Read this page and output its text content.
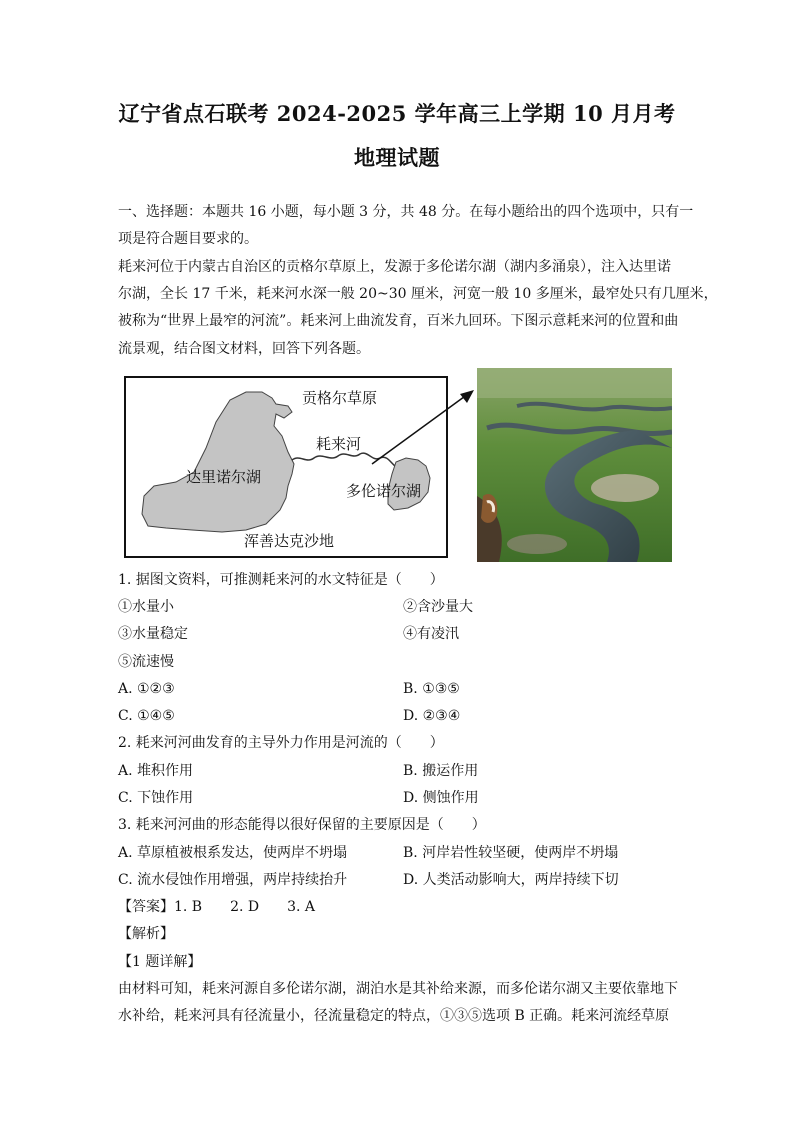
辽宁省点石联考 2024-2025 学年高三上学期 10 月月考
地理试题
一、选择题：本题共 16 小题，每小题 3 分，共 48 分。在每小题给出的四个选项中，只有一
项是符合题目要求的。
耗来河位于内蒙古自治区的贡格尔草原上，发源于多伦诺尔湖（湖内多涌泉），注入达里诺
尔湖，全长 17 千米，耗来河水深一般 20~30 厘米，河宽一般 10 多厘米，最窄处只有几厘米，
被称为“世界上最窄的河流”。耗来河上曲流发育，百米九回环。下图示意耗来河的位置和曲
流景观，结合图文材料，回答下列各题。
贡格尔草原
耗来河
达里诺尔湖
多伦诺尔湖
浑善达克沙地
1. 据图文资料，可推测耗来河的水文特征是（　　）
①水量小	②含沙量大
③水量稳定	④有凌汛
⑤流速慢
A. ①②③	B. ①③⑤
C. ①④⑤	D. ②③④
2. 耗来河河曲发育的主导外力作用是河流的（　　）
A. 堆积作用	B. 搬运作用
C. 下蚀作用	D. 侧蚀作用
3. 耗来河河曲的形态能得以很好保留的主要原因是（　　）
A. 草原植被根系发达，使两岸不坍塌	B. 河岸岩性较坚硬，使两岸不坍塌
C. 流水侵蚀作用增强，两岸持续抬升	D. 人类活动影响大，两岸持续下切
【答案】1. B　　2. D　　3. A
【解析】
【1 题详解】
由材料可知，耗来河源自多伦诺尔湖，湖泊水是其补给来源，而多伦诺尔湖又主要依靠地下
水补给，耗来河具有径流量小，径流量稳定的特点，①③⑤选项 B 正确。耗来河流经草原
